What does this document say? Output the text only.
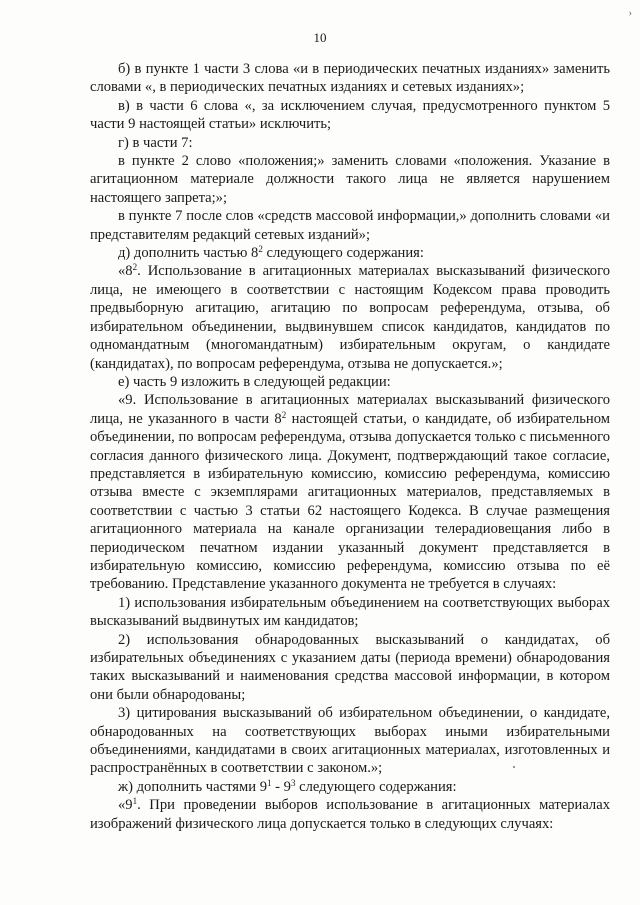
10
›

б) в пункте 1 части 3 слова «и в периодических печатных изданиях» заменить словами «, в периодических печатных изданиях и сетевых изданиях»;

в) в части 6 слова «, за исключением случая, предусмотренного пунктом 5 части 9 настоящей статьи» исключить;

г) в части 7:

в пункте 2 слово «положения;» заменить словами «положения. Указание в агитационном материале должности такого лица не является нарушением настоящего запрета;»;

в пункте 7 после слов «средств массовой информации,» дополнить словами «и представителям редакций сетевых изданий»;

д) дополнить частью $8^2$ следующего содержания:

«$8^2$. Использование в агитационных материалах высказываний физического лица, не имеющего в соответствии с настоящим Кодексом права проводить предвыборную агитацию, агитацию по вопросам референдума, отзыва, об избирательном объединении, выдвинувшем список кандидатов, кандидатов по одномандатным (многомандатным) избирательным округам, о кандидате (кандидатах), по вопросам референдума, отзыва не допускается.»;

е) часть 9 изложить в следующей редакции:

«9. Использование в агитационных материалах высказываний физического лица, не указанного в части $8^2$ настоящей статьи, о кандидате, об избирательном объединении, по вопросам референдума, отзыва допускается только с письменного согласия данного физического лица. Документ, подтверждающий такое согласие, представляется в избирательную комиссию, комиссию референдума, комиссию отзыва вместе с экземплярами агитационных материалов, представляемых в соответствии с частью 3 статьи 62 настоящего Кодекса. В случае размещения агитационного материала на канале организации телерадиовещания либо в периодическом печатном издании указанный документ представляется в избирательную комиссию, комиссию референдума, комиссию отзыва по её требованию. Представление указанного документа не требуется в случаях:

1) использования избирательным объединением на соответствующих выборах высказываний выдвинутых им кандидатов;

2) использования обнародованных высказываний о кандидатах, об избирательных объединениях с указанием даты (периода времени) обнародования таких высказываний и наименования средства массовой информации, в котором они были обнародованы;

3) цитирования высказываний об избирательном объединении, о кандидате, обнародованных на соответствующих выборах иными избирательными объединениями, кандидатами в своих агитационных материалах, изготовленных и распространённых в соответствии с законом.»;

ж) дополнить частями $9^1 - 9^3$ следующего содержания:

«$9^1$. При проведении выборов использование в агитационных материалах изображений физического лица допускается только в следующих случаях:
